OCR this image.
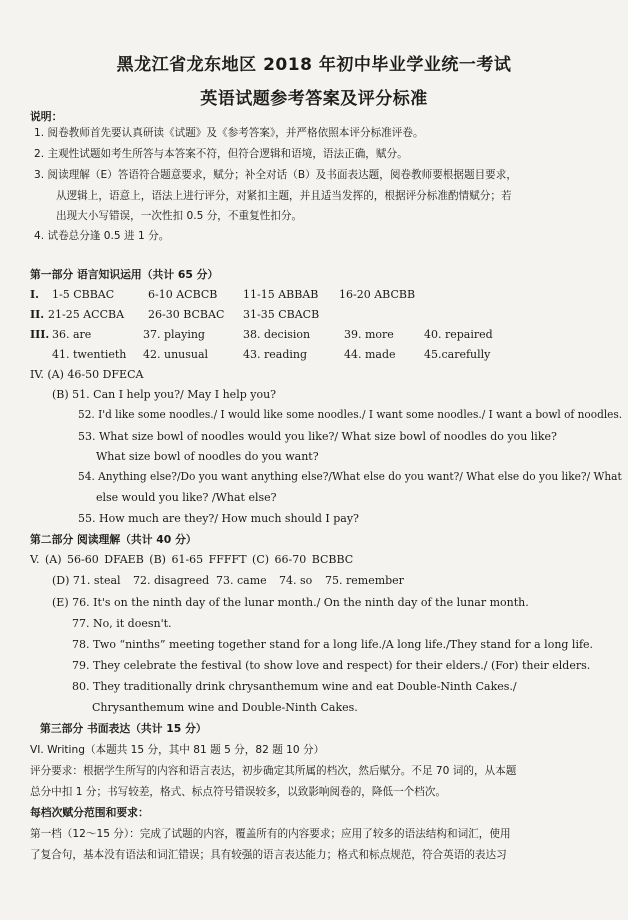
黑龙江省龙东地区 2018 年初中毕业学业统一考试
英语试题参考答案及评分标准
说明：
1. 阅卷教师首先要认真研读《试题》及《参考答案》，并严格依照本评分标准评卷。
2. 主观性试题如考生所答与本答案不符，但符合逻辑和语境，语法正确，赋分。
3. 阅读理解（E）答语符合题意要求，赋分；补全对话（B）及书面表达题，阅卷教师要根据题目要求，
从逻辑上，语意上，语法上进行评分，对紧扣主题，并且适当发挥的，根据评分标准酌情赋分；若
出现大小写错误，一次性扣 0.5 分，不重复性扣分。
4. 试卷总分逢 0.5 进 1 分。
第一部分 语言知识运用（共计 65 分）
I. 1-5 CBBAC	6-10 ACBCB 11-15 ABBAB 16-20 ABCBB
II. 21-25 ACCBA 26-30 BCBAC 31-35 CBACB
III. 36. are	37. playing	38. decision	39. more	40. repaired
41. twentieth 42. unusual	43. reading	44. made	45.carefully
IV. (A) 46-50 DFECA
(B) 51. Can I help you?/ May I help you?
52. I'd like some noodles./ I would like some noodles./ I want some noodles./ I want a bowl of noodles.
53. What size bowl of noodles would you like?/ What size bowl of noodles do you like?
What size bowl of noodles do you want?
54. Anything else?/Do you want anything else?/What else do you want?/ What else do you like?/ What
else would you like? /What else?
55. How much are they?/ How much should I pay?
第二部分 阅读理解（共计 40 分）
V. (A) 56-60 DFAEB (B) 61-65 FFFFT (C) 66-70 BCBBC
(D) 71. steal 72. disagreed 73. came 74. so 75. remember
(E) 76. It's on the ninth day of the lunar month./ On the ninth day of the lunar month.
77. No, it doesn't.
78. Two “ninths” meeting together stand for a long life./A long life./They stand for a long life.
79. They celebrate the festival (to show love and respect) for their elders./ (For) their elders.
80. They traditionally drink chrysanthemum wine and eat Double-Ninth Cakes./
Chrysanthemum wine and Double-Ninth Cakes.
第三部分 书面表达（共计 15 分）
VI. Writing（本题共 15 分，其中 81 题 5 分，82 题 10 分）
评分要求：根据学生所写的内容和语言表达，初步确定其所属的档次，然后赋分。不足 70 词的，从本题
总分中扣 1 分；书写较差，格式、标点符号错误较多，以致影响阅卷的，降低一个档次。
每档次赋分范围和要求：
第一档（12～15 分）：完成了试题的内容，覆盖所有的内容要求；应用了较多的语法结构和词汇，使用
了复合句，基本没有语法和词汇错误；具有较强的语言表达能力；格式和标点规范，符合英语的表达习
